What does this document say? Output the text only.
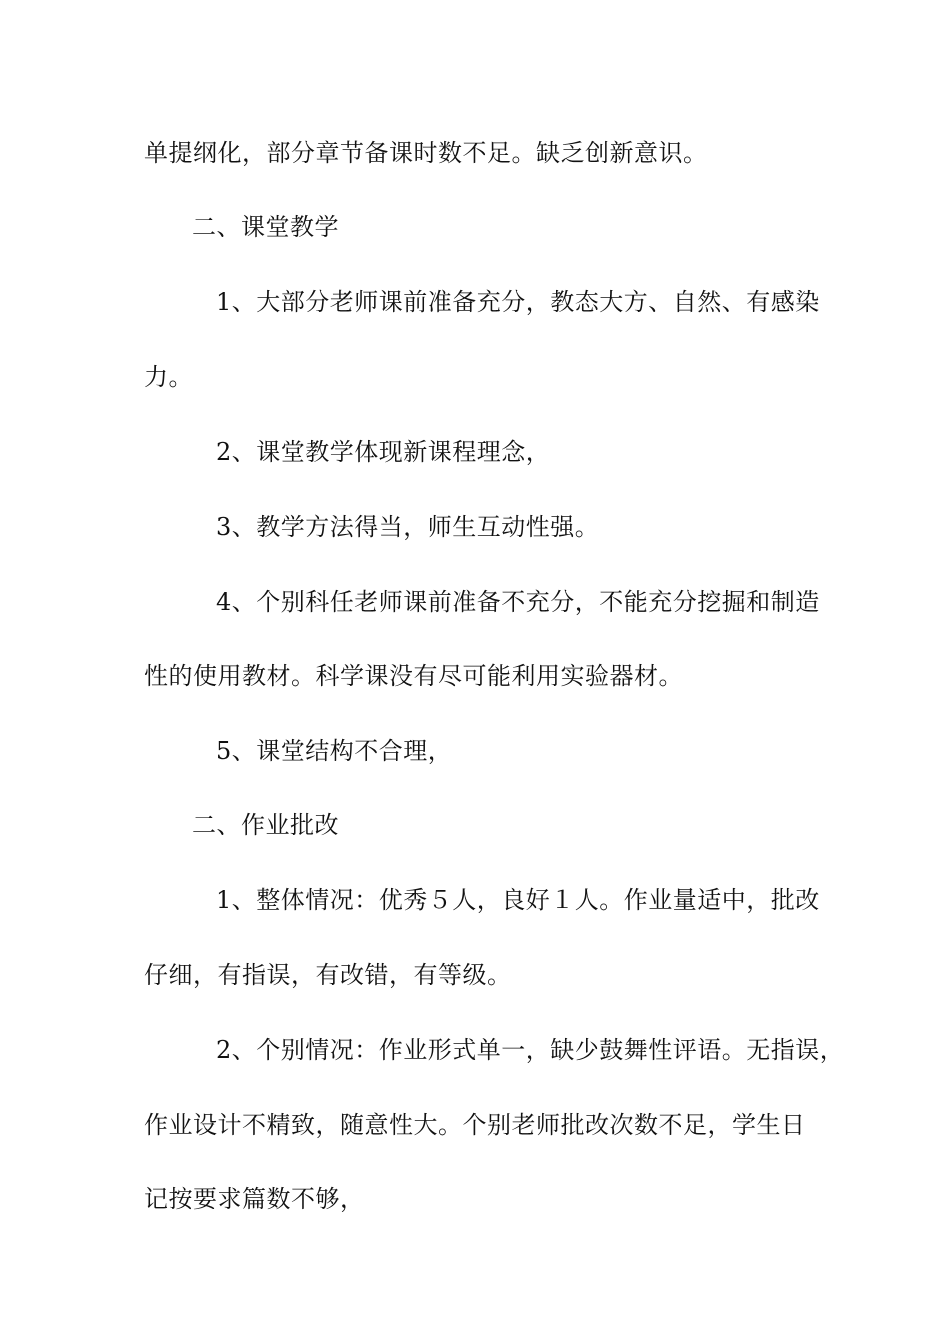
单提纲化，部分章节备课时数不足。缺乏创新意识。
二、课堂教学
1、大部分老师课前准备充分，教态大方、自然、有感染
力。
2、课堂教学体现新课程理念，
3、教学方法得当，师生互动性强。
4、个别科任老师课前准备不充分，不能充分挖掘和制造
性的使用教材。科学课没有尽可能利用实验器材。
5、课堂结构不合理，
二、作业批改
1、整体情况：优秀５人，良好１人。作业量适中，批改
仔细，有指误，有改错，有等级。
2、个别情况：作业形式单一，缺少鼓舞性评语。无指误，
作业设计不精致，随意性大。个别老师批改次数不足，学生日
记按要求篇数不够，
